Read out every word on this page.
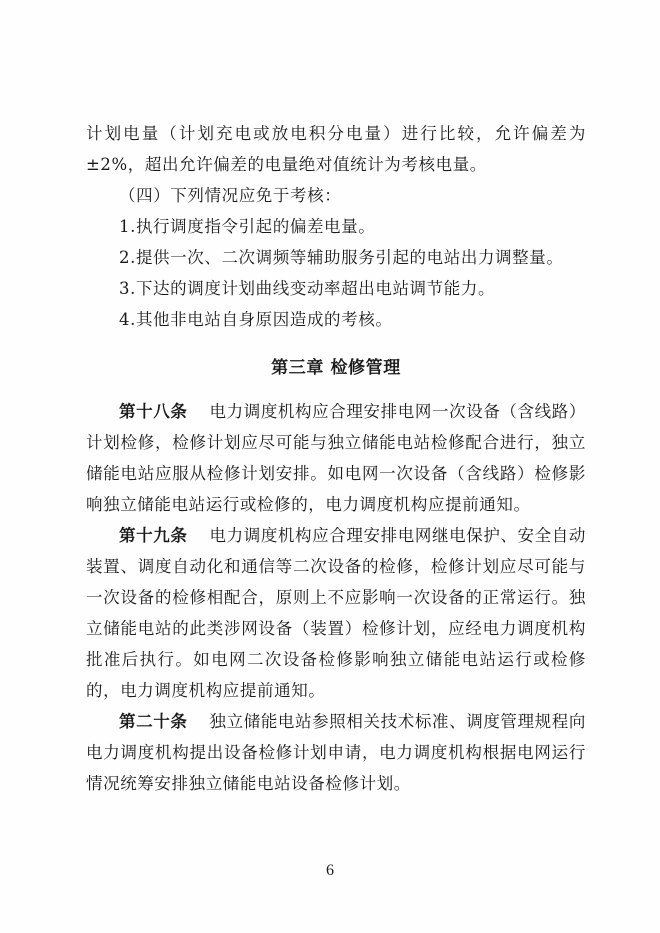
计划电量（计划充电或放电积分电量）进行比较，允许偏差为±2%，超出允许偏差的电量绝对值统计为考核电量。

（四）下列情况应免于考核：

1.执行调度指令引起的偏差电量。

2.提供一次、二次调频等辅助服务引起的电站出力调整量。

3.下达的调度计划曲线变动率超出电站调节能力。

4.其他非电站自身原因造成的考核。

第三章 检修管理

第十八条 电力调度机构应合理安排电网一次设备（含线路）计划检修，检修计划应尽可能与独立储能电站检修配合进行，独立储能电站应服从检修计划安排。如电网一次设备（含线路）检修影响独立储能电站运行或检修的，电力调度机构应提前通知。

第十九条 电力调度机构应合理安排电网继电保护、安全自动装置、调度自动化和通信等二次设备的检修，检修计划应尽可能与一次设备的检修相配合，原则上不应影响一次设备的正常运行。独立储能电站的此类涉网设备（装置）检修计划，应经电力调度机构批准后执行。如电网二次设备检修影响独立储能电站运行或检修的，电力调度机构应提前通知。

第二十条 独立储能电站参照相关技术标准、调度管理规程向电力调度机构提出设备检修计划申请，电力调度机构根据电网运行情况统筹安排独立储能电站设备检修计划。

6
